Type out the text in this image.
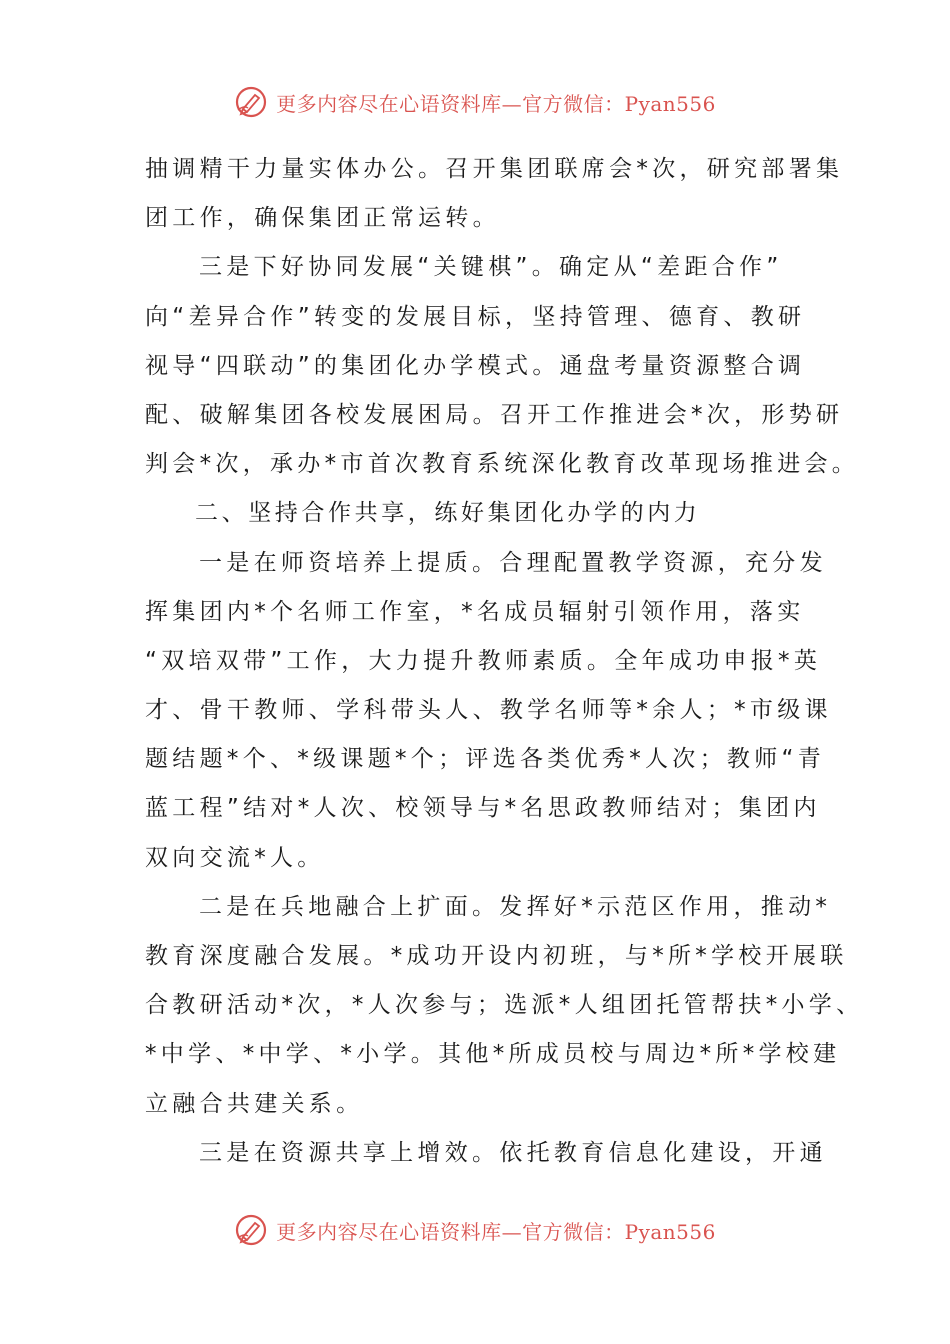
更多内容尽在心语资料库—官方微信：Pyan556
抽调精干力量实体办公。召开集团联席会*次，研究部署集
团工作，确保集团正常运转。
三是下好协同发展“关键棋”。确定从“差距合作”
向“差异合作”转变的发展目标，坚持管理、德育、教研
视导“四联动”的集团化办学模式。通盘考量资源整合调
配、破解集团各校发展困局。召开工作推进会*次，形势研
判会*次，承办*市首次教育系统深化教育改革现场推进会。
二、坚持合作共享，练好集团化办学的内力
一是在师资培养上提质。合理配置教学资源，充分发
挥集团内*个名师工作室，*名成员辐射引领作用，落实
“双培双带”工作，大力提升教师素质。全年成功申报*英
才、骨干教师、学科带头人、教学名师等*余人；*市级课
题结题*个、*级课题*个；评选各类优秀*人次；教师“青
蓝工程”结对*人次、校领导与*名思政教师结对；集团内
双向交流*人。
二是在兵地融合上扩面。发挥好*示范区作用，推动*
教育深度融合发展。*成功开设内初班，与*所*学校开展联
合教研活动*次，*人次参与；选派*人组团托管帮扶*小学、
*中学、*中学、*小学。其他*所成员校与周边*所*学校建
立融合共建关系。
三是在资源共享上增效。依托教育信息化建设，开通
更多内容尽在心语资料库—官方微信：Pyan556
